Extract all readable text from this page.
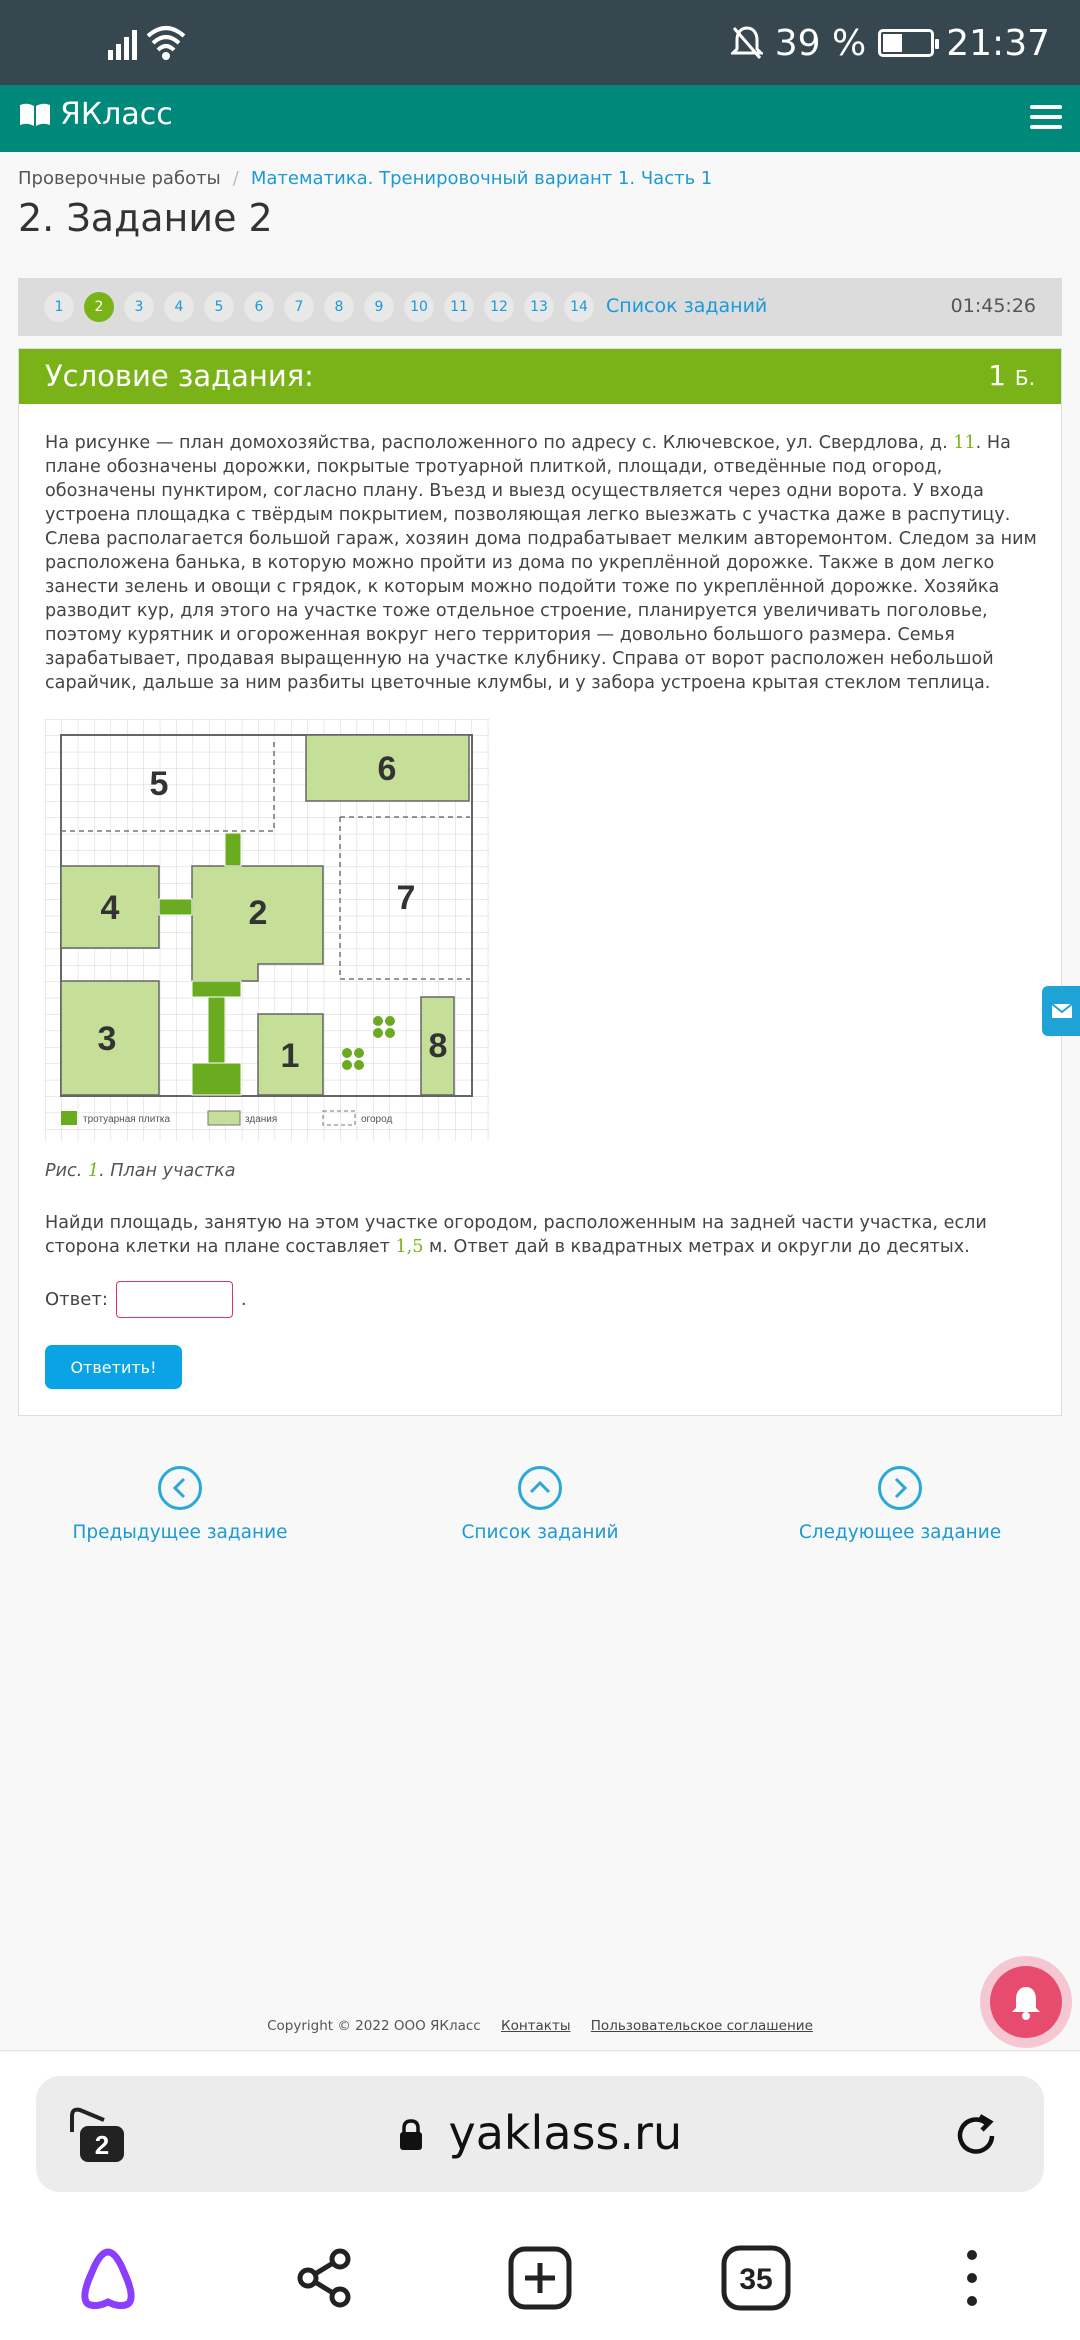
39 % 21:37
ЯКласс
Проверочные работы / Математика. Тренировочный вариант 1. Часть 1
2. Задание 2
1	2	3	4	5	6	7	8	9	10	11	12	13	14 Список заданий	01:45:26
Условие задания:	1 Б.
На рисунке — план домохозяйства, расположенного по адресу с. Ключевское, ул. Свердлова, д. 11. На плане обозначены дорожки, покрытые тротуарной плиткой, площади, отведённые под огород, обозначены пунктиром, согласно плану. Въезд и выезд осуществляется через одни ворота. У входа устроена площадка с твёрдым покрытием, позволяющая легко выезжать с участка даже в распутицу. Слева располагается большой гараж, хозяин дома подрабатывает мелким авторемонтом. Следом за ним расположена банька, в которую можно пройти из дома по укреплённой дорожке. Также в дом легко занести зелень и овощи с грядок, к которым можно подойти тоже по укреплённой дорожке. Хозяйка разводит кур, для этого на участке тоже отдельное строение, планируется увеличивать поголовье, поэтому курятник и огороженная вокруг него территория — довольно большого размера. Семья зарабатывает, продавая выращенную на участке клубнику. Справа от ворот расположен небольшой сарайчик, дальше за ним разбиты цветочные клумбы, и у забора устроена крытая стеклом теплица.
5	6
4	2	7
3	1	8
тротуарная плитка	здания	огород
Рис. 1. План участка
Найди площадь, занятую на этом участке огородом, расположенным на задней части участка, если сторона клетки на плане составляет 1,5 м. Ответ дай в квадратных метрах и округли до десятых.
Ответ:	.
Ответить!
Предыдущее задание	Список заданий	Следующее задание
Copyright © 2022 ООО ЯКласс Контакты Пользовательское соглашение
2	yaklass.ru
35
